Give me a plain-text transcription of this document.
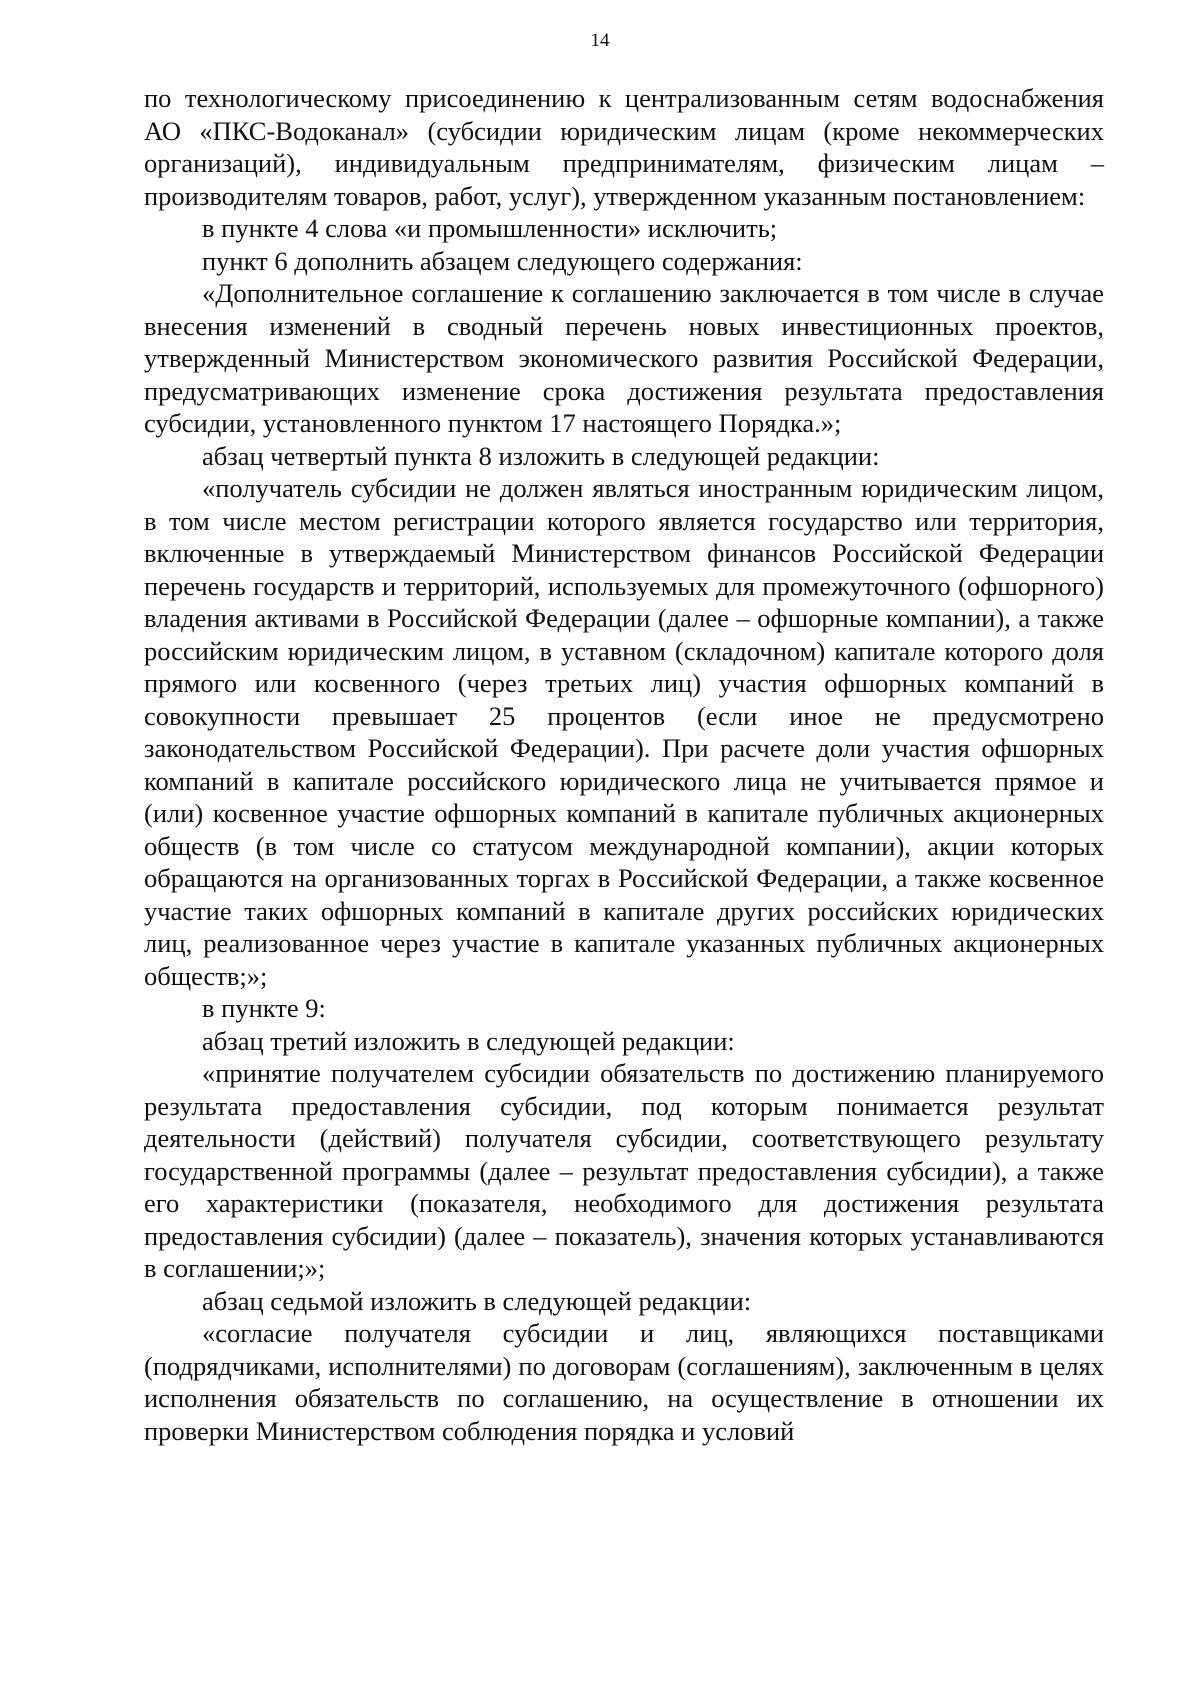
14

по технологическому присоединению к централизованным сетям водоснабжения АО «ПКС-Водоканал» (субсидии юридическим лицам (кроме некоммерческих организаций), индивидуальным предпринимателям, физическим лицам – производителям товаров, работ, услуг), утвержденном указанным постановлением:

в пункте 4 слова «и промышленности» исключить;

пункт 6 дополнить абзацем следующего содержания:

«Дополнительное соглашение к соглашению заключается в том числе в случае внесения изменений в сводный перечень новых инвестиционных проектов, утвержденный Министерством экономического развития Российской Федерации, предусматривающих изменение срока достижения результата предоставления субсидии, установленного пунктом 17 настоящего Порядка.»;

абзац четвертый пункта 8 изложить в следующей редакции:

«получатель субсидии не должен являться иностранным юридическим лицом, в том числе местом регистрации которого является государство или территория, включенные в утверждаемый Министерством финансов Российской Федерации перечень государств и территорий, используемых для промежуточного (офшорного) владения активами в Российской Федерации (далее – офшорные компании), а также российским юридическим лицом, в уставном (складочном) капитале которого доля прямого или косвенного (через третьих лиц) участия офшорных компаний в совокупности превышает 25 процентов (если иное не предусмотрено законодательством Российской Федерации). При расчете доли участия офшорных компаний в капитале российского юридического лица не учитывается прямое и (или) косвенное участие офшорных компаний в капитале публичных акционерных обществ (в том числе со статусом международной компании), акции которых обращаются на организованных торгах в Российской Федерации, а также косвенное участие таких офшорных компаний в капитале других российских юридических лиц, реализованное через участие в капитале указанных публичных акционерных обществ;»;

в пункте 9:

абзац третий изложить в следующей редакции:

«принятие получателем субсидии обязательств по достижению планируемого результата предоставления субсидии, под которым понимается результат деятельности (действий) получателя субсидии, соответствующего результату государственной программы (далее – результат предоставления субсидии), а также его характеристики (показателя, необходимого для достижения результата предоставления субсидии) (далее – показатель), значения которых устанавливаются в соглашении;»;

абзац седьмой изложить в следующей редакции:

«согласие получателя субсидии и лиц, являющихся поставщиками (подрядчиками, исполнителями) по договорам (соглашениям), заключенным в целях исполнения обязательств по соглашению, на осуществление в отношении их проверки Министерством соблюдения порядка и условий
